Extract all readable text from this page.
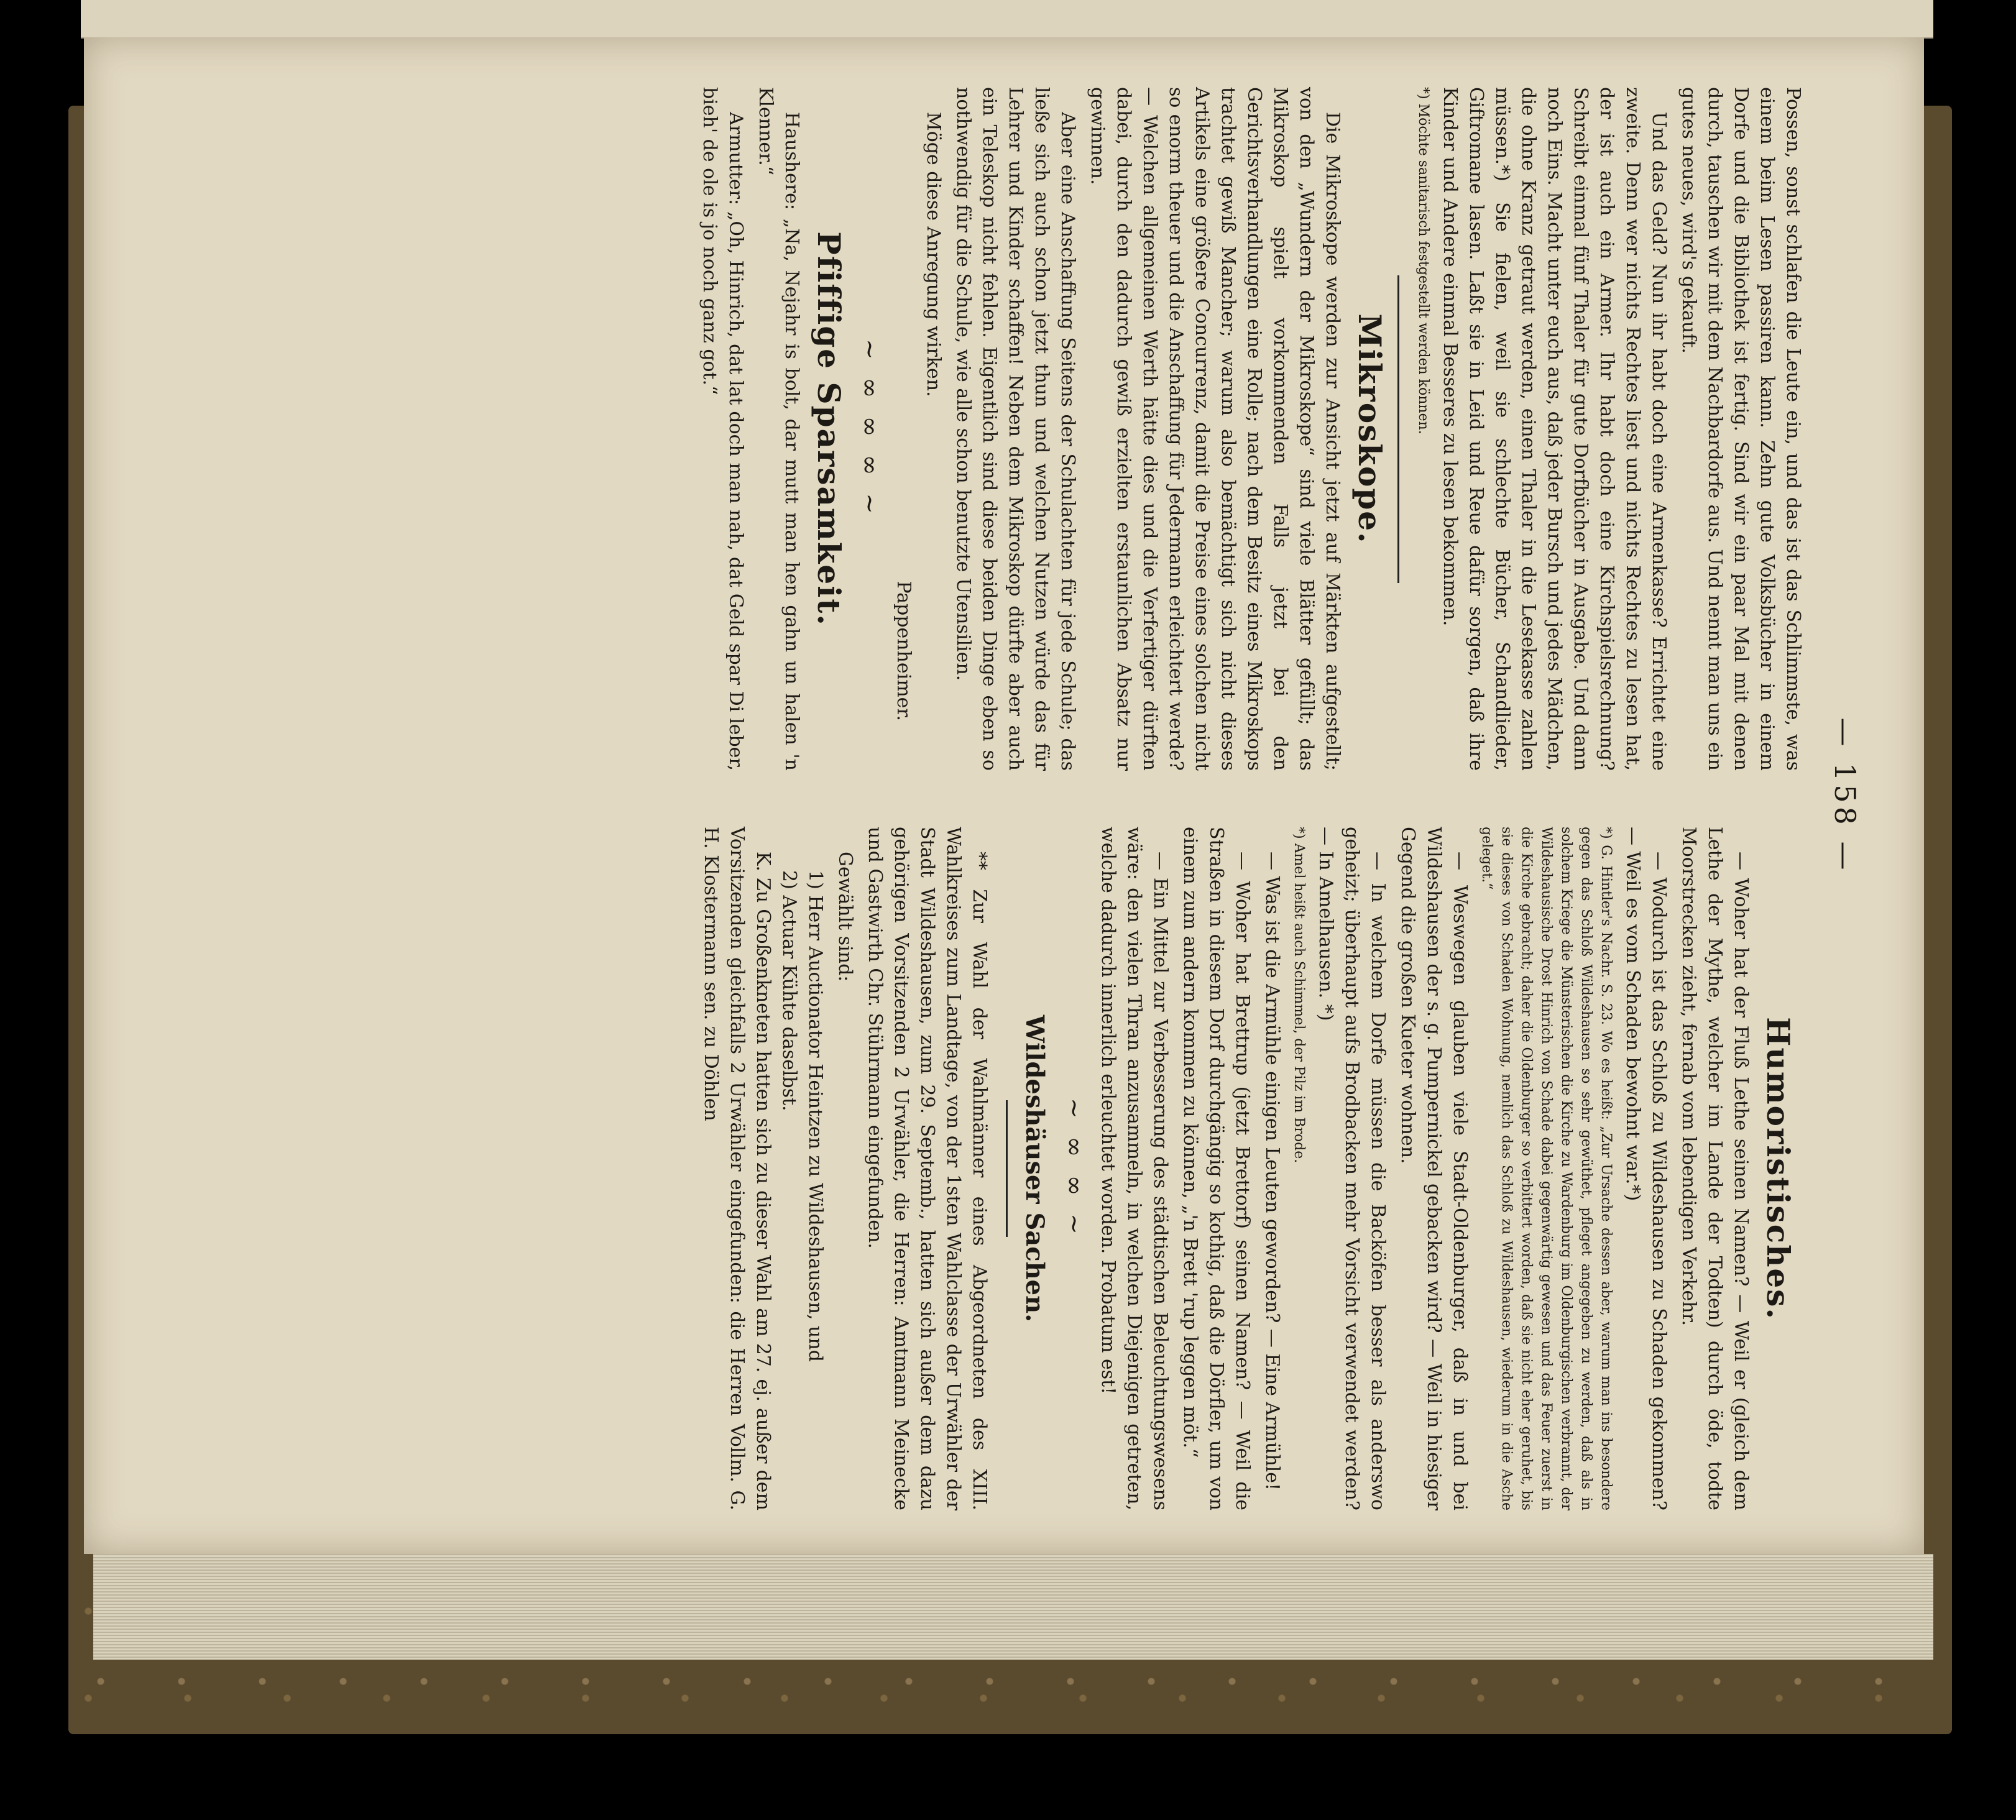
— 158 —

Possen, sonst schlafen die Leute ein, und das ist das Schlimmste, was einem beim Lesen passiren kann. Zehn gute Volksbücher in einem Dorfe und die Bibliothek ist fertig. Sind wir ein paar Mal mit denen durch, tauschen wir mit dem Nachbardorfe aus. Und nennt man uns ein gutes neues, wird's gekauft.

Und das Geld? Nun ihr habt doch eine Armenkasse? Errichtet eine zweite. Denn wer nichts Rechtes liest und nichts Rechtes zu lesen hat, der ist auch ein Armer. Ihr habt doch eine Kirchspielsrechnung? Schreibt einmal fünf Thaler für gute Dorfbücher in Ausgabe. Und dann noch Eins. Macht unter euch aus, daß jeder Bursch und jedes Mädchen, die ohne Kranz getraut werden, einen Thaler in die Lesekasse zahlen müssen.*) Sie fielen, weil sie schlechte Bücher, Schandlieder, Giftromane lasen. Laßt sie in Leid und Reue dafür sorgen, daß ihre Kinder und Andere einmal Besseres zu lesen bekommen.

*) Möchte sanitarisch festgestellt werden können.
Mikroskope.

Die Mikroskope werden zur Ansicht jetzt auf Märkten aufgestellt; von den „Wundern der Mikroskope“ sind viele Blätter gefüllt; das Mikroskop spielt vorkommenden Falls jetzt bei den Gerichtsverhandlungen eine Rolle; nach dem Besitz eines Mikroskops trachtet gewiß Mancher; warum also bemächtigt sich nicht dieses Artikels eine größere Concurrenz, damit die Preise eines solchen nicht so enorm theuer und die Anschaffung für Jedermann erleichtert werde? — Welchen allgemeinen Werth hätte dies und die Verfertiger dürften dabei, durch den dadurch gewiß erzielten erstaunlichen Absatz nur gewinnen.

Aber eine Anschaffung Seitens der Schulachten für jede Schule; das ließe sich auch schon jetzt thun und welchen Nutzen würde das für Lehrer und Kinder schaffen! Neben dem Mikroskop dürfte aber auch ein Teleskop nicht fehlen. Eigentlich sind diese beiden Dinge eben so nothwendig für die Schule, wie alle schon benutzte Utensilien.

Möge diese Anregung wirken.

Pappenheimer.
~ ∞ ∞ ∞ ~
Pfiffige Sparsamkeit.

Haushere: „Na, Nejahr is bolt, dar mutt man hen gahn un halen 'n Klenner.“

Armutter: „Oh, Hinrich, dat lat doch man nah, dat Geld spar Di leber, bieh' de ole is jo noch ganz got.“

Humoristisches.

— Woher hat der Fluß Lethe seinen Namen? — Weil er (gleich dem Lethe der Mythe, welcher im Lande der Todten) durch öde, todte Moorstrecken zieht, fernab vom lebendigen Verkehr.

— Wodurch ist das Schloß zu Wildeshausen zu Schaden gekommen? — Weil es vom Schaden bewohnt war.*)

*) G. Hintler's Nachr. S. 23. Wo es heißt: „Zur Ursache dessen aber, warum man ins besondere gegen das Schloß Wildeshausen so sehr gewüthet, pfleget angegeben zu werden, daß als in solchem Kriege die Münsterischen die Kirche zu Wardenburg im Oldenburgischen verbrannt, der Wildeshausische Drost Hinrich von Schade dabei gegenwärtig gewesen und das Feuer zuerst in die Kirche gebracht; daher die Oldenburger so verbittert worden, daß sie nicht eher geruhet, bis sie dieses von Schaden Wohnung, nemlich das Schloß zu Wildeshausen, wiederum in die Asche geleget.“

— Weswegen glauben viele Stadt-Oldenburger, daß in und bei Wildeshausen der s. g. Pumpernickel gebacken wird? — Weil in hiesiger Gegend die großen Kueter wohnen.

— In welchem Dorfe müssen die Backöfen besser als anderswo geheizt; überhaupt aufs Brodbacken mehr Vorsicht verwendet werden? — In Amelhausen. *)

*) Amel heißt auch Schimmel, der Pilz im Brode.

— Was ist die Armühle einigen Leuten geworden? — Eine Armühle!

— Woher hat Brettrup (jetzt Brettorf) seinen Namen? — Weil die Straßen in diesem Dorf durchgängig so kothig, daß die Dörfler, um von einem zum andern kommen zu können, „'n Brett 'rup leggen möt.“

— Ein Mittel zur Verbesserung des städtischen Beleuchtungswesens wäre: den vielen Thran anzusammeln, in welchen Diejenigen getreten, welche dadurch innerlich erleuchtet worden. Probatum est!

~ ∞ ∞ ~
Wildeshäuser Sachen.

** Zur Wahl der Wahlmänner eines Abgeordneten des XIII. Wahlkreises zum Landtage, von der 1sten Wahlclasse der Urwähler der Stadt Wildeshausen, zum 29. Septemb., hatten sich außer dem dazu gehörigen Vorsitzenden 2 Urwähler, die Herren: Amtmann Meinecke und Gastwirth Chr. Stührmann eingefunden.

Gewählt sind:

1) Herr Auctionator Heintzen zu Wildeshausen, und
2) Actuar Kühte daselbst.

K. Zu Großenkneten hatten sich zu dieser Wahl am 27. ej. außer dem Vorsitzenden gleichfalls 2 Urwähler eingefunden: die Herren Vollm. G. H. Klostermann sen. zu Döhlen
